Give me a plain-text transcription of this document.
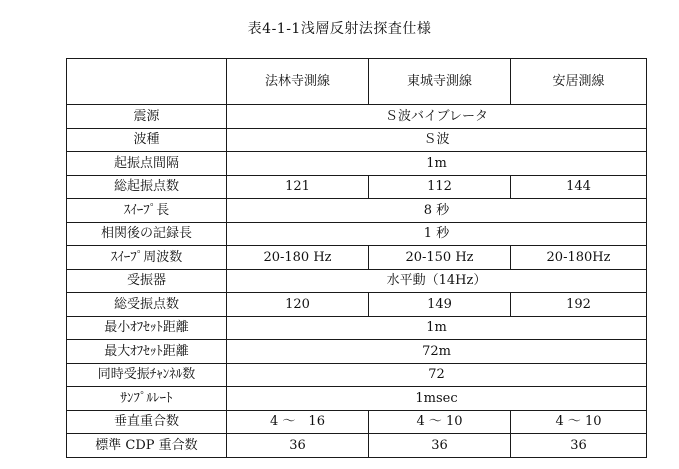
表4-1-1浅層反射法探査仕様
	法林寺測線	東城寺測線	安居測線
震源	Ｓ波バイブレータ		
波種	Ｓ波		
起振点間隔	1m		
総起振点数	121	112	144
ｽｲｰﾌﾟ長	8 秒		
相関後の記録長	1 秒		
ｽｲｰﾌﾟ周波数	20-180 Hz	20-150 Hz	20-180Hz
受振器	水平動（14Hz）		
総受振点数	120	149	192
最小ｵﾌｾｯﾄ距離	1m		
最大ｵﾌｾｯﾄ距離	72m		
同時受振ﾁｬﾝﾈﾙ数	72		
ｻﾝﾌﾟﾙﾚｰﾄ	1msec		
垂直重合数	4 ～　16	4 ～ 10	4 ～ 10
標準 CDP 重合数	36	36	36
